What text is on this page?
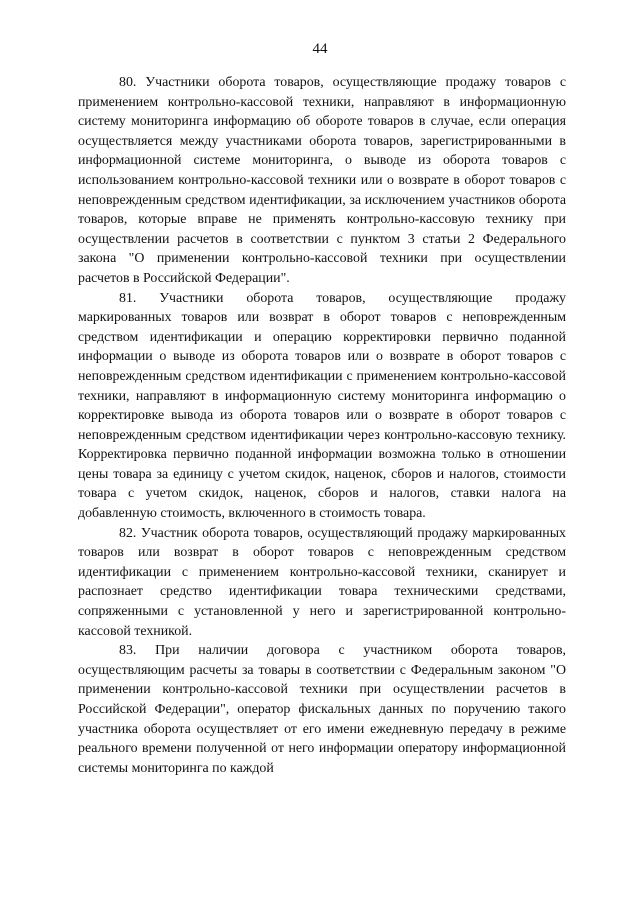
44

80. Участники оборота товаров, осуществляющие продажу товаров с применением контрольно-кассовой техники, направляют в информационную систему мониторинга информацию об обороте товаров в случае, если операция осуществляется между участниками оборота товаров, зарегистрированными в информационной системе мониторинга, о выводе из оборота товаров с использованием контрольно-кассовой техники или о возврате в оборот товаров с неповрежденным средством идентификации, за исключением участников оборота товаров, которые вправе не применять контрольно-кассовую технику при осуществлении расчетов в соответствии с пунктом 3 статьи 2 Федерального закона "О применении контрольно-кассовой техники при осуществлении расчетов в Российской Федерации".

81. Участники оборота товаров, осуществляющие продажу маркированных товаров или возврат в оборот товаров с неповрежденным средством идентификации и операцию корректировки первично поданной информации о выводе из оборота товаров или о возврате в оборот товаров с неповрежденным средством идентификации с применением контрольно-кассовой техники, направляют в информационную систему мониторинга информацию о корректировке вывода из оборота товаров или о возврате в оборот товаров с неповрежденным средством идентификации через контрольно-кассовую технику. Корректировка первично поданной информации возможна только в отношении цены товара за единицу с учетом скидок, наценок, сборов и налогов, стоимости товара с учетом скидок, наценок, сборов и налогов, ставки налога на добавленную стоимость, включенного в стоимость товара.

82. Участник оборота товаров, осуществляющий продажу маркированных товаров или возврат в оборот товаров с неповрежденным средством идентификации с применением контрольно-кассовой техники, сканирует и распознает средство идентификации товара техническими средствами, сопряженными с установленной у него и зарегистрированной контрольно-кассовой техникой.

83. При наличии договора с участником оборота товаров, осуществляющим расчеты за товары в соответствии с Федеральным законом "О применении контрольно-кассовой техники при осуществлении расчетов в Российской Федерации", оператор фискальных данных по поручению такого участника оборота осуществляет от его имени ежедневную передачу в режиме реального времени полученной от него информации оператору информационной системы мониторинга по каждой
